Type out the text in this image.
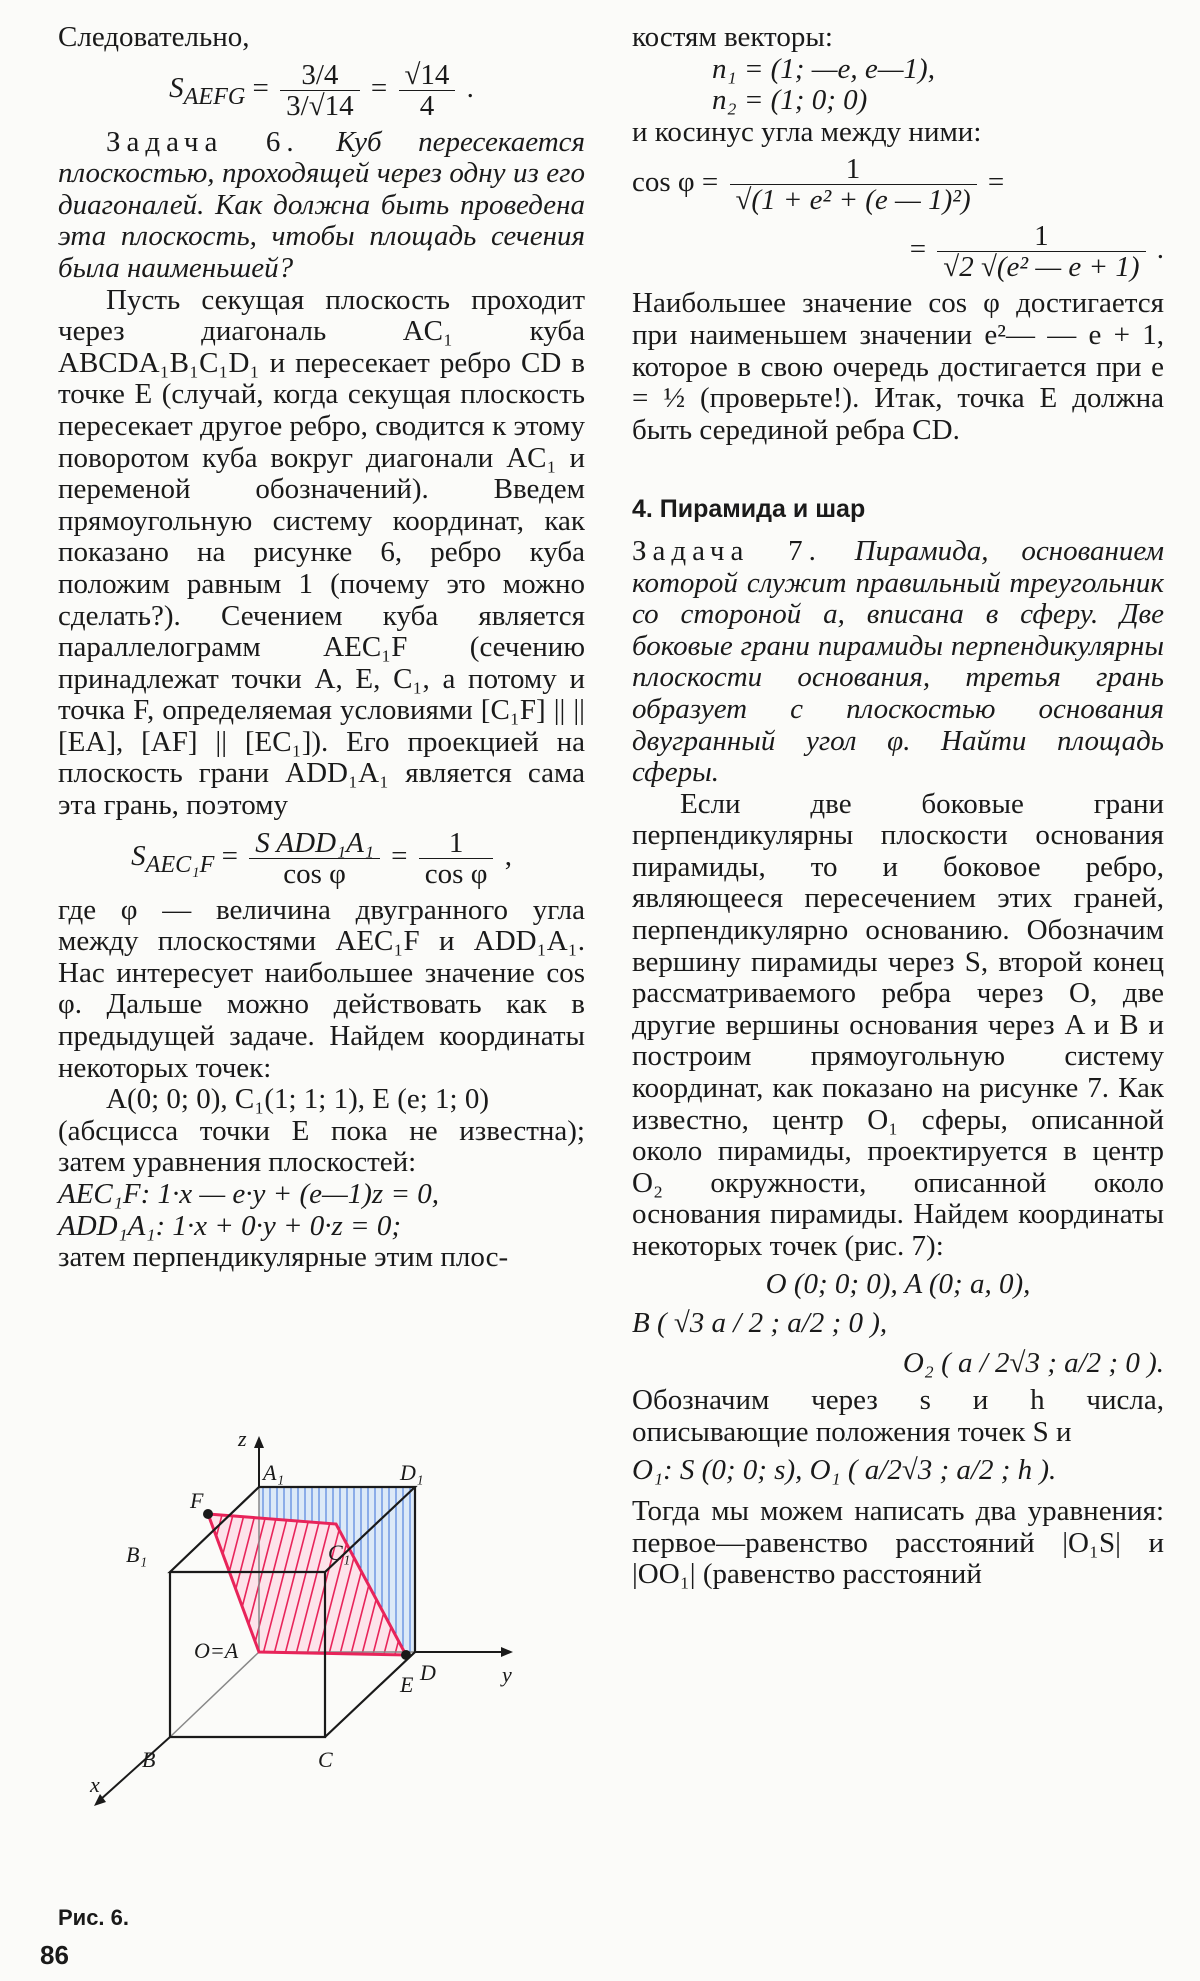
Следовательно,

$S_{AEFG} = \frac{3/4}{3/√14} = \frac{√14}{4}$ .

Задача 6. Куб пересекается плоскостью, проходящей через одну из его диагоналей. Как должна быть проведена эта плоскость, чтобы площадь сечения была наименьшей?

Пусть секущая плоскость проходит через диагональ AC₁ куба ABCDA₁B₁C₁D₁ и пересекает ребро CD в точке E (случай, когда секущая плоскость пересекает другое ребро, сводится к этому поворотом куба вокруг диагонали AC₁ и переменой обозначений). Введем прямоугольную систему координат, как показано на рисунке 6, ребро куба положим равным 1 (почему это можно сделать?). Сечением куба является параллелограмм AEC₁F (сечению принадлежат точки A, E, C₁, а потому и точка F, определяемая условиями [C₁F] || || [EA], [AF] || [EC₁]). Его проекцией на плоскость грани ADD₁A₁ является сама эта грань, поэтому

$S_{AEC_1F} = \frac{\text{S ADD₁A₁}}{\text{cos φ}} = \frac{1}{\text{cos φ}}$ ,

где φ — величина двугранного угла между плоскостями AEC₁F и ADD₁A₁. Нас интересует наибольшее значение cos φ. Дальше можно действовать как в предыдущей задаче. Найдем координаты некоторых точек:

A(0; 0; 0), C₁(1; 1; 1), E (e; 1; 0)

(абсцисса точки E пока не известна); затем уравнения плоскостей:

AEC₁F: 1·x — e·y + (e—1)z = 0,

ADD₁A₁: 1·x + 0·y + 0·z = 0;

затем перпендикулярные этим плос-

z
y
x
A₁	D₁
F
B₁	C₁
O=A
D
E
B	C
Рис. 6.

костям векторы:

n₁ = (1; —e, e—1),

n₂ = (1; 0; 0)

и косинус угла между ними:

$\cos \varphi = \frac{1}{\text{√(1 + e² + (e — 1)²)}}$ =
= $\frac{1}{\text{√2 √(e² — e + 1)}}$ .

Наибольшее значение cos φ достигается при наименьшем значении e²— — e + 1, которое в свою очередь достигается при e = ½ (проверьте!). Итак, точка E должна быть серединой ребра CD.

4. Пирамида и шар

Задача 7. Пирамида, основанием которой служит правильный треугольник со стороной a, вписана в сферу. Две боковые грани пирамиды перпендикулярны плоскости основания, третья грань образует с плоскостью основания двугранный угол φ. Найти площадь сферы.

Если две боковые грани перпендикулярны плоскости основания пирамиды, то и боковое ребро, являющееся пересечением этих граней, перпендикулярно основанию. Обозначим вершину пирамиды через S, второй конец рассматриваемого ребра через O, две другие вершины основания через A и B и построим прямоугольную систему координат, как показано на рисунке 7. Как известно, центр O₁ сферы, описанной около пирамиды, проектируется в центр O₂ окружности, описанной около основания пирамиды. Найдем координаты некоторых точек (рис. 7):

O (0; 0; 0), A (0; a, 0),

B ( √3 a / 2 ; a/2 ; 0 ),

O₂ ( a / 2√3 ; a/2 ; 0 ).

Обозначим через s и h числа, описывающие положения точек S и

O₁: S (0; 0; s), O₁ ( a/2√3 ; a/2 ; h ).

Тогда мы можем написать два уравнения: первое—равенство расстояний |O₁S| и |OO₁| (равенство расстояний

86
